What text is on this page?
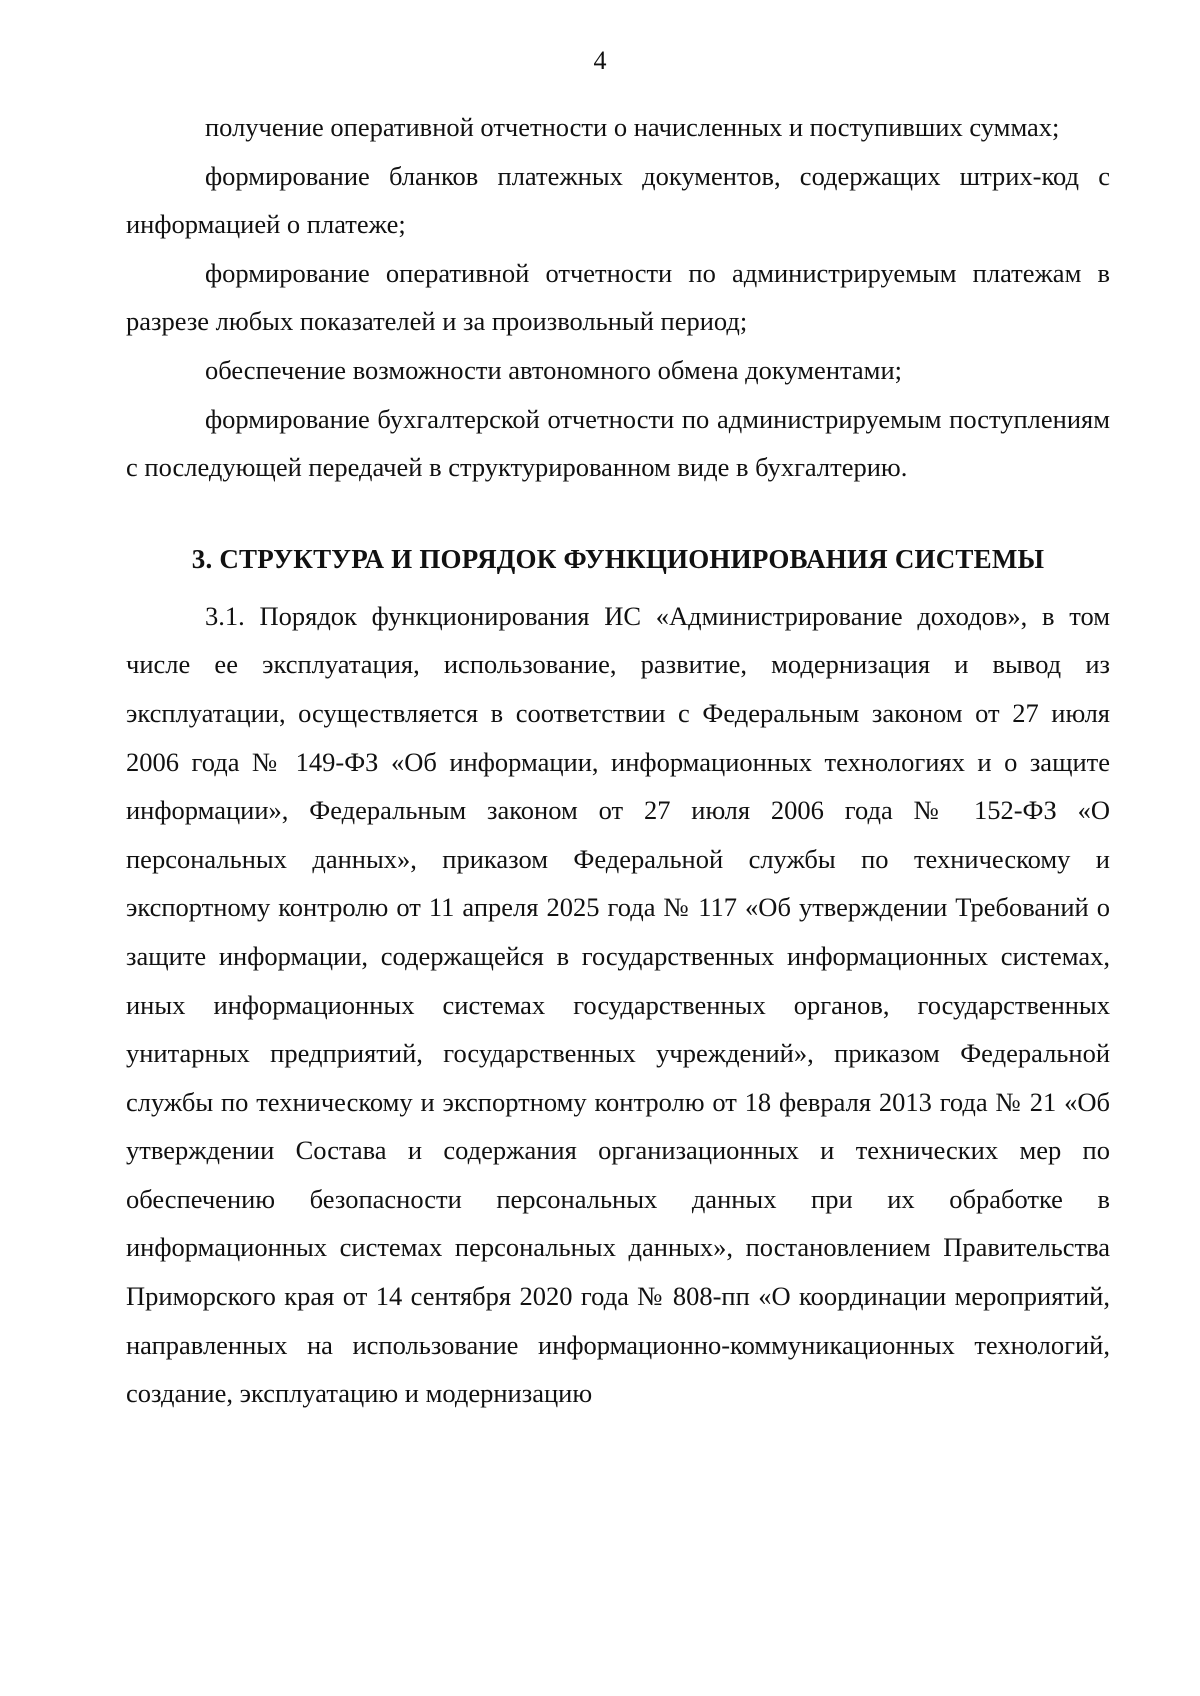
4

получение оперативной отчетности о начисленных и поступивших суммах;

формирование бланков платежных документов, содержащих штрих-код с информацией о платеже;

формирование оперативной отчетности по администрируемым платежам в разрезе любых показателей и за произвольный период;

обеспечение возможности автономного обмена документами;

формирование бухгалтерской отчетности по администрируемым поступлениям с последующей передачей в структурированном виде в бухгалтерию.

3. СТРУКТУРА И ПОРЯДОК ФУНКЦИОНИРОВАНИЯ СИСТЕМЫ

3.1. Порядок функционирования ИС «Администрирование доходов», в том числе ее эксплуатация, использование, развитие, модернизация и вывод из эксплуатации, осуществляется в соответствии с Федеральным законом от 27 июля 2006 года № 149-ФЗ «Об информации, информационных технологиях и о защите информации», Федеральным законом от 27 июля 2006 года № 152-ФЗ «О персональных данных», приказом Федеральной службы по техническому и экспортному контролю от 11 апреля 2025 года № 117 «Об утверждении Требований о защите информации, содержащейся в государственных информационных системах, иных информационных системах государственных органов, государственных унитарных предприятий, государственных учреждений», приказом Федеральной службы по техническому и экспортному контролю от 18 февраля 2013 года № 21 «Об утверждении Состава и содержания организационных и технических мер по обеспечению безопасности персональных данных при их обработке в информационных системах персональных данных», постановлением Правительства Приморского края от 14 сентября 2020 года № 808-пп «О координации мероприятий, направленных на использование информационно-коммуникационных технологий, создание, эксплуатацию и модернизацию
